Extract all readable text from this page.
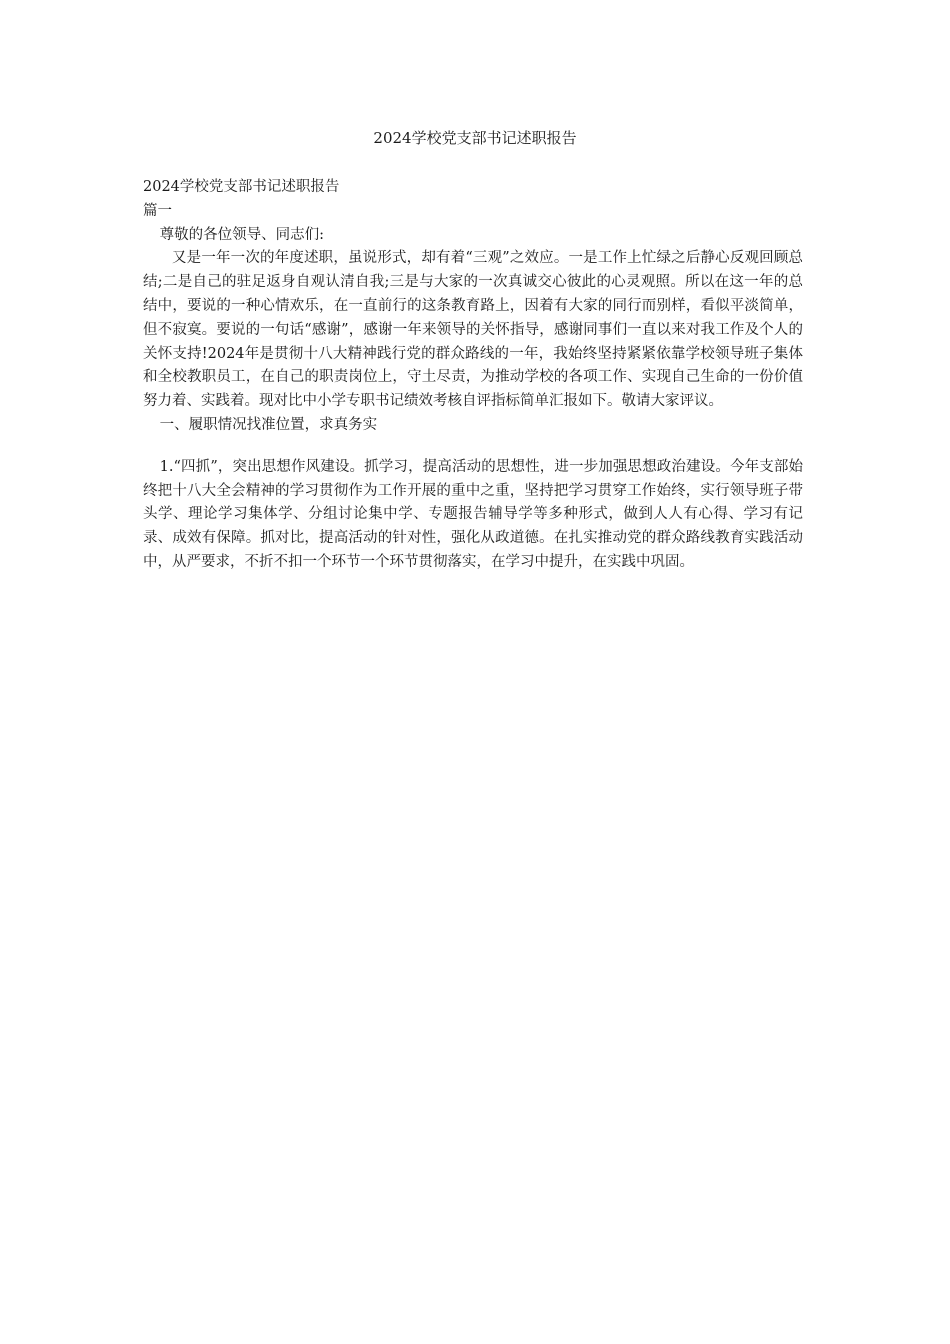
2024学校党支部书记述职报告
2024学校党支部书记述职报告
篇一
尊敬的各位领导、同志们:

又是一年一次的年度述职，虽说形式，却有着“三观”之效应。一是工作上忙绿之后静心反观回顾总结;二是自己的驻足返身自观认清自我;三是与大家的一次真诚交心彼此的心灵观照。所以在这一年的总结中，要说的一种心情欢乐，在一直前行的这条教育路上，因着有大家的同行而别样，看似平淡简单，但不寂寞。要说的一句话“感谢”，感谢一年来领导的关怀指导，感谢同事们一直以来对我工作及个人的关怀支持!2024年是贯彻十八大精神践行党的群众路线的一年，我始终坚持紧紧依靠学校领导班子集体和全校教职员工，在自己的职责岗位上，守土尽责，为推动学校的各项工作、实现自己生命的一份价值努力着、实践着。现对比中小学专职书记绩效考核自评指标简单汇报如下。敬请大家评议。

一、履职情况找准位置，求真务实

1.“四抓”，突出思想作风建设。抓学习，提高活动的思想性，进一步加强思想政治建设。今年支部始终把十八大全会精神的学习贯彻作为工作开展的重中之重，坚持把学习贯穿工作始终，实行领导班子带头学、理论学习集体学、分组讨论集中学、专题报告辅导学等多种形式，做到人人有心得、学习有记录、成效有保障。抓对比，提高活动的针对性，强化从政道德。在扎实推动党的群众路线教育实践活动中，从严要求，不折不扣一个环节一个环节贯彻落实，在学习中提升，在实践中巩固。
